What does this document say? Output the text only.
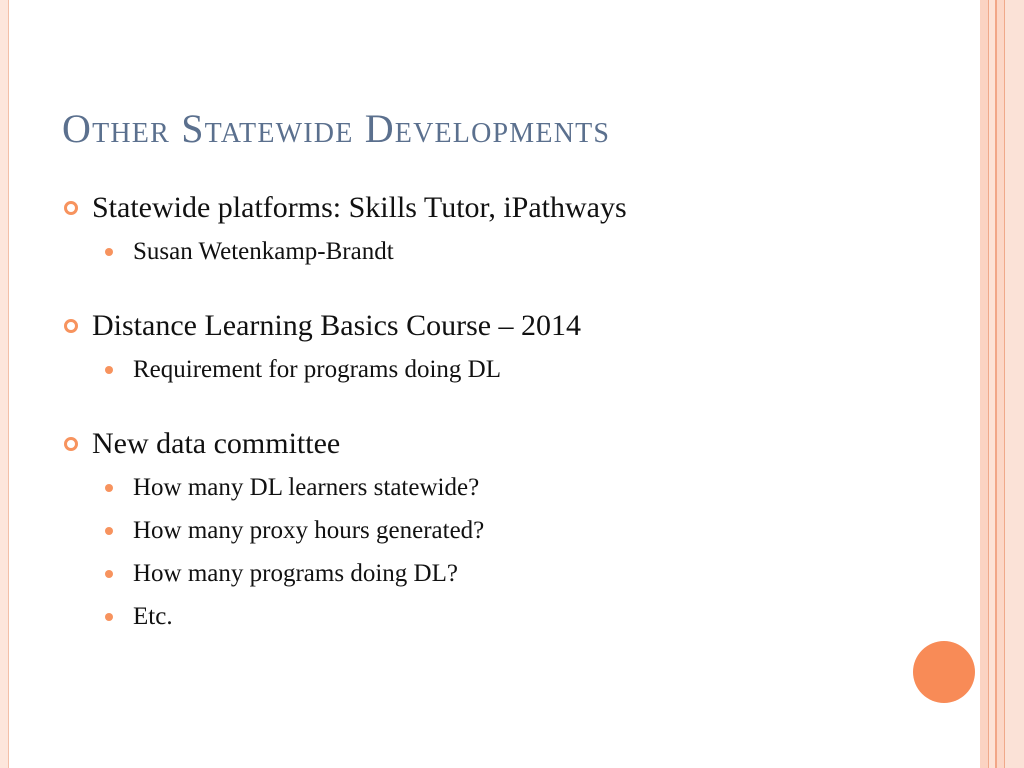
Other Statewide Developments
Statewide platforms: Skills Tutor, iPathways
Susan Wetenkamp-Brandt
Distance Learning Basics Course – 2014
Requirement for programs doing DL
New data committee
How many DL learners statewide?
How many proxy hours generated?
How many programs doing DL?
Etc.
